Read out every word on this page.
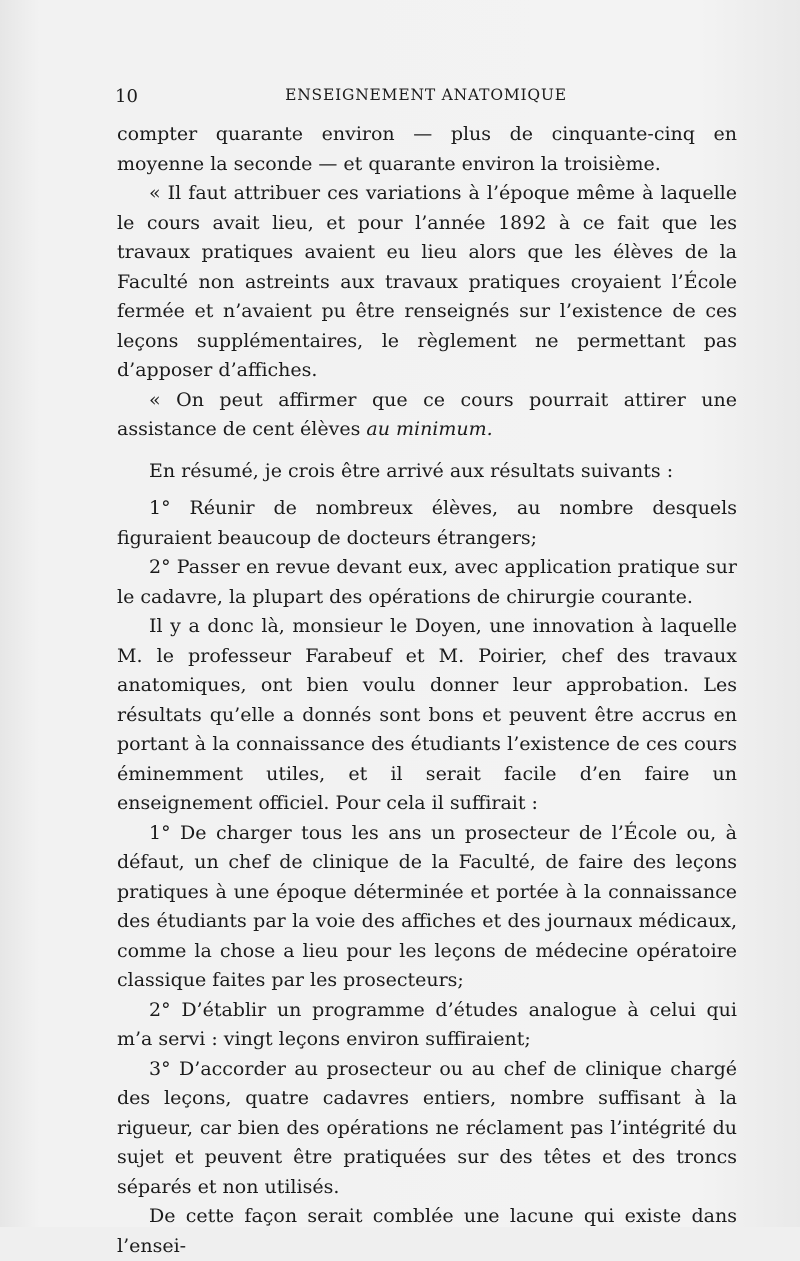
10	ENSEIGNEMENT ANATOMIQUE

compter quarante environ — plus de cinquante-cinq en moyenne la seconde — et quarante environ la troisième.

« Il faut attribuer ces variations à l’époque même à laquelle le cours avait lieu, et pour l’année 1892 à ce fait que les travaux pratiques avaient eu lieu alors que les élèves de la Faculté non astreints aux travaux pratiques croyaient l’École fermée et n’avaient pu être renseignés sur l’existence de ces leçons supplémentaires, le règlement ne permettant pas d’apposer d’affiches.

« On peut affirmer que ce cours pourrait attirer une assistance de cent élèves au minimum.

En résumé, je crois être arrivé aux résultats suivants :

1° Réunir de nombreux élèves, au nombre desquels figuraient beaucoup de docteurs étrangers;

2° Passer en revue devant eux, avec application pratique sur le cadavre, la plupart des opérations de chirurgie courante.

Il y a donc là, monsieur le Doyen, une innovation à laquelle M. le professeur Farabeuf et M. Poirier, chef des travaux anatomiques, ont bien voulu donner leur approbation. Les résultats qu’elle a donnés sont bons et peuvent être accrus en portant à la connaissance des étudiants l’existence de ces cours éminemment utiles, et il serait facile d’en faire un enseignement officiel. Pour cela il suffirait :

1° De charger tous les ans un prosecteur de l’École ou, à défaut, un chef de clinique de la Faculté, de faire des leçons pratiques à une époque déterminée et portée à la connaissance des étudiants par la voie des affiches et des journaux médicaux, comme la chose a lieu pour les leçons de médecine opératoire classique faites par les prosecteurs;

2° D’établir un programme d’études analogue à celui qui m’a servi : vingt leçons environ suffiraient;

3° D’accorder au prosecteur ou au chef de clinique chargé des leçons, quatre cadavres entiers, nombre suffisant à la rigueur, car bien des opérations ne réclament pas l’intégrité du sujet et peuvent être pratiquées sur des têtes et des troncs séparés et non utilisés.

De cette façon serait comblée une lacune qui existe dans l’ensei-
